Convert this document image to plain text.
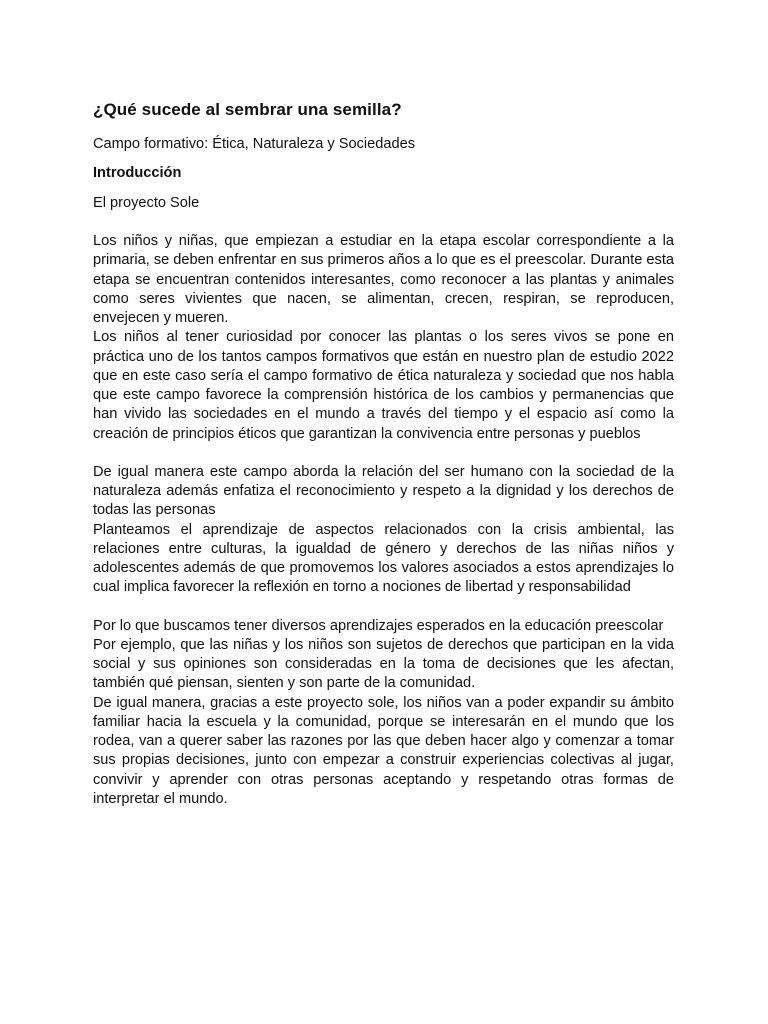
¿Qué sucede al sembrar una semilla?

Campo formativo: Ética, Naturaleza y Sociedades

Introducción

El proyecto Sole

Los niños y niñas, que empiezan a estudiar en la etapa escolar correspondiente a la primaria, se deben enfrentar en sus primeros años a lo que es el preescolar. Durante esta etapa se encuentran contenidos interesantes, como reconocer a las plantas y animales como seres vivientes que nacen, se alimentan, crecen, respiran, se reproducen, envejecen y mueren.

Los niños al tener curiosidad por conocer las plantas o los seres vivos se pone en práctica uno de los tantos campos formativos que están en nuestro plan de estudio 2022 que en este caso sería el campo formativo de ética naturaleza y sociedad que nos habla que este campo favorece la comprensión histórica de los cambios y permanencias que han vivido las sociedades en el mundo a través del tiempo y el espacio así como la creación de principios éticos que garantizan la convivencia entre personas y pueblos

De igual manera este campo aborda la relación del ser humano con la sociedad de la naturaleza además enfatiza el reconocimiento y respeto a la dignidad y los derechos de todas las personas

Planteamos el aprendizaje de aspectos relacionados con la crisis ambiental, las relaciones entre culturas, la igualdad de género y derechos de las niñas niños y adolescentes además de que promovemos los valores asociados a estos aprendizajes lo cual implica favorecer la reflexión en torno a nociones de libertad y responsabilidad

Por lo que buscamos tener diversos aprendizajes esperados en la educación preescolar

Por ejemplo, que las niñas y los niños son sujetos de derechos que participan en la vida social y sus opiniones son consideradas en la toma de decisiones que les afectan, también qué piensan, sienten y son parte de la comunidad.

De igual manera, gracias a este proyecto sole, los niños van a poder expandir su ámbito familiar hacia la escuela y la comunidad, porque se interesarán en el mundo que los rodea, van a querer saber las razones por las que deben hacer algo y comenzar a tomar sus propias decisiones, junto con empezar a construir experiencias colectivas al jugar, convivir y aprender con otras personas aceptando y respetando otras formas de interpretar el mundo.
